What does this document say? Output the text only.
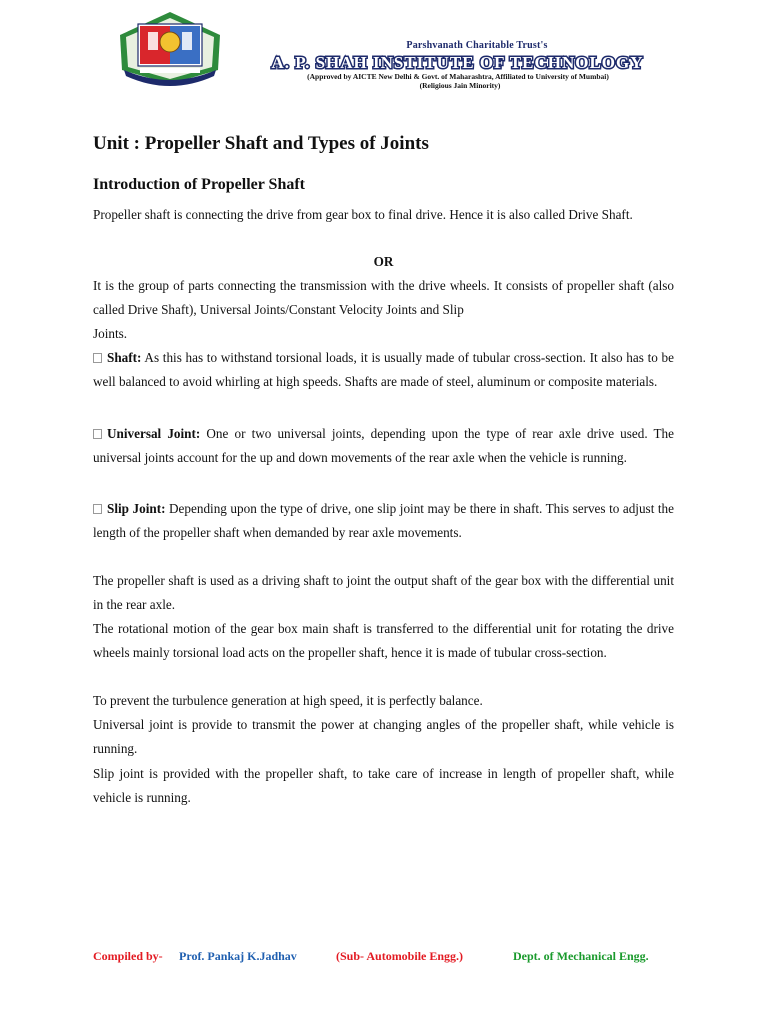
Parshvanath Charitable Trust's
A. P. SHAH INSTITUTE OF TECHNOLOGY
(Approved by AICTE New Delhi & Govt. of Maharashtra, Affiliated to University of Mumbai)
(Religious Jain Minority)
Unit : Propeller Shaft and Types of Joints
Introduction of Propeller Shaft

Propeller shaft is connecting the drive from gear box to final drive. Hence it is also called Drive Shaft.

OR

It is the group of parts connecting the transmission with the drive wheels. It consists of propeller shaft (also called Drive Shaft), Universal Joints/Constant Velocity Joints and Slip
Joints.

Shaft: As this has to withstand torsional loads, it is usually made of tubular cross-section. It also has to be well balanced to avoid whirling at high speeds. Shafts are made of steel, aluminum or composite materials.

Universal Joint: One or two universal joints, depending upon the type of rear axle drive used. The universal joints account for the up and down movements of the rear axle when the vehicle is running.

Slip Joint: Depending upon the type of drive, one slip joint may be there in shaft. This serves to adjust the length of the propeller shaft when demanded by rear axle movements.

The propeller shaft is used as a driving shaft to joint the output shaft of the gear box with the differential unit in the rear axle.

The rotational motion of the gear box main shaft is transferred to the differential unit for rotating the drive wheels mainly torsional load acts on the propeller shaft, hence it is made of tubular cross-section.

To prevent the turbulence generation at high speed, it is perfectly balance.

Universal joint is provide to transmit the power at changing angles of the propeller shaft, while vehicle is running.

Slip joint is provided with the propeller shaft, to take care of increase in length of propeller shaft, while vehicle is running.

Compiled by- Prof. Pankaj K.Jadhav	(Sub- Automobile Engg.)	Dept. of Mechanical Engg.
